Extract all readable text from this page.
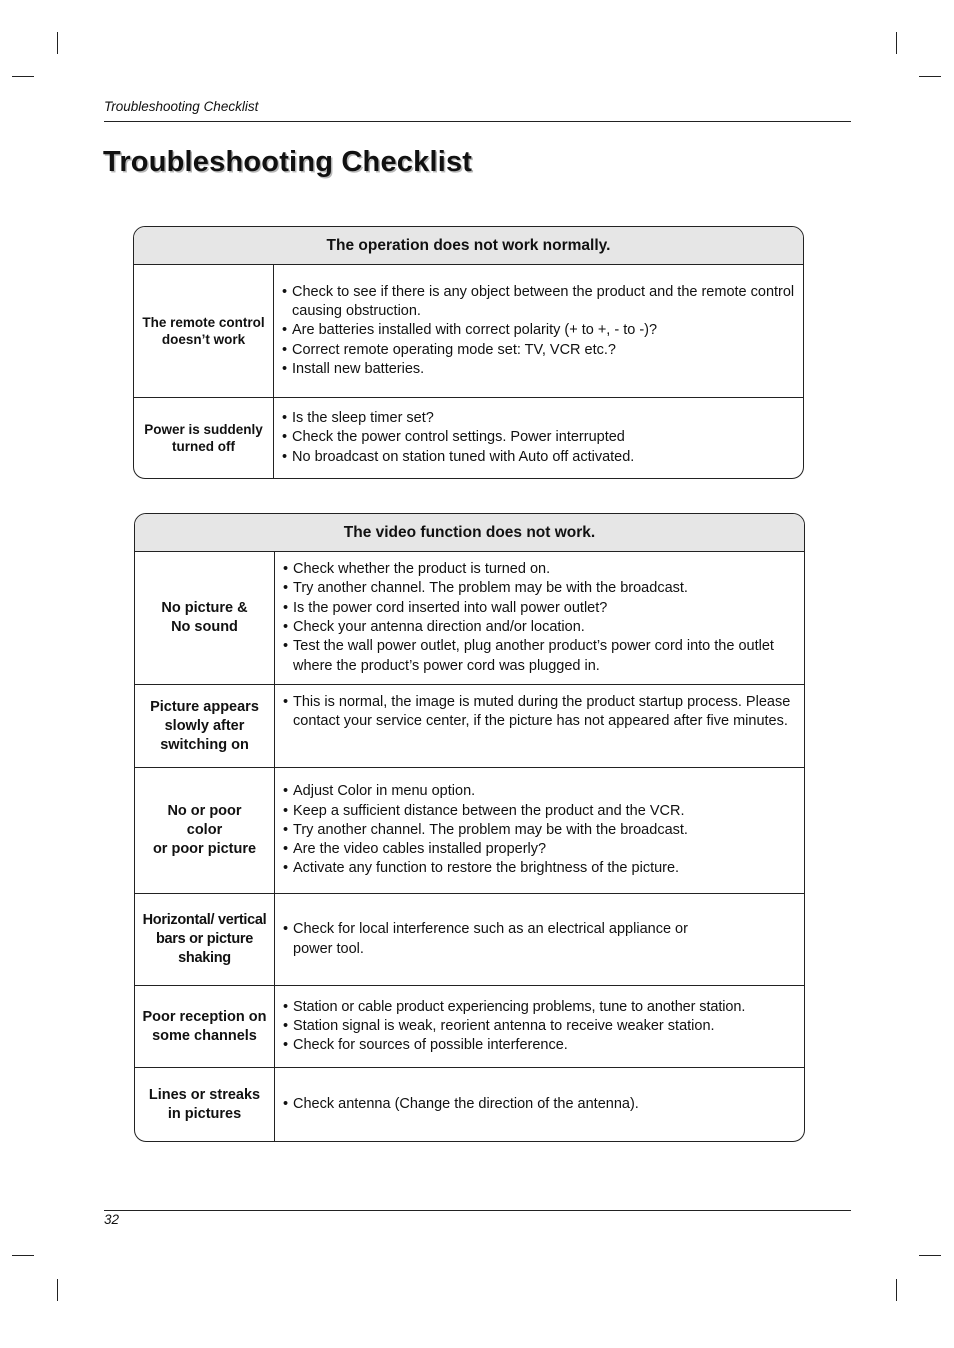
Troubleshooting Checklist
Troubleshooting Checklist
The operation does not work normally.
The remote control
doesn’t work
• Check to see if there is any object between the product and the remote control causing obstruction.
• Are batteries installed with correct polarity (+ to +, - to -)?
• Correct remote operating mode set: TV, VCR etc.?
• Install new batteries.
Power is suddenly
turned off
• Is the sleep timer set?
• Check the power control settings. Power interrupted
• No broadcast on station tuned with Auto off activated.
The video function does not work.
No picture &
No sound
• Check whether the product is turned on.
• Try another channel. The problem may be with the broadcast.
• Is the power cord inserted into wall power outlet?
• Check your antenna direction and/or location.
• Test the wall power outlet, plug another product’s power cord into the outlet where the product’s power cord was plugged in.
Picture appears
slowly after
switching on
• This is normal, the image is muted during the product startup process. Please contact your service center, if the picture has not appeared after five minutes.
No or poor
color
or poor picture
• Adjust Color in menu option.
• Keep a sufficient distance between the product and the VCR.
• Try another channel. The problem may be with the broadcast.
• Are the video cables installed properly?
• Activate any function to restore the brightness of the picture.
Horizontal/ vertical
bars or picture
shaking
• Check for local interference such as an electrical appliance or power tool.
Poor reception on
some channels
• Station or cable product experiencing problems, tune to another station.
• Station signal is weak, reorient antenna to receive weaker station.
• Check for sources of possible interference.
Lines or streaks
in pictures
• Check antenna (Change the direction of the antenna).
32
